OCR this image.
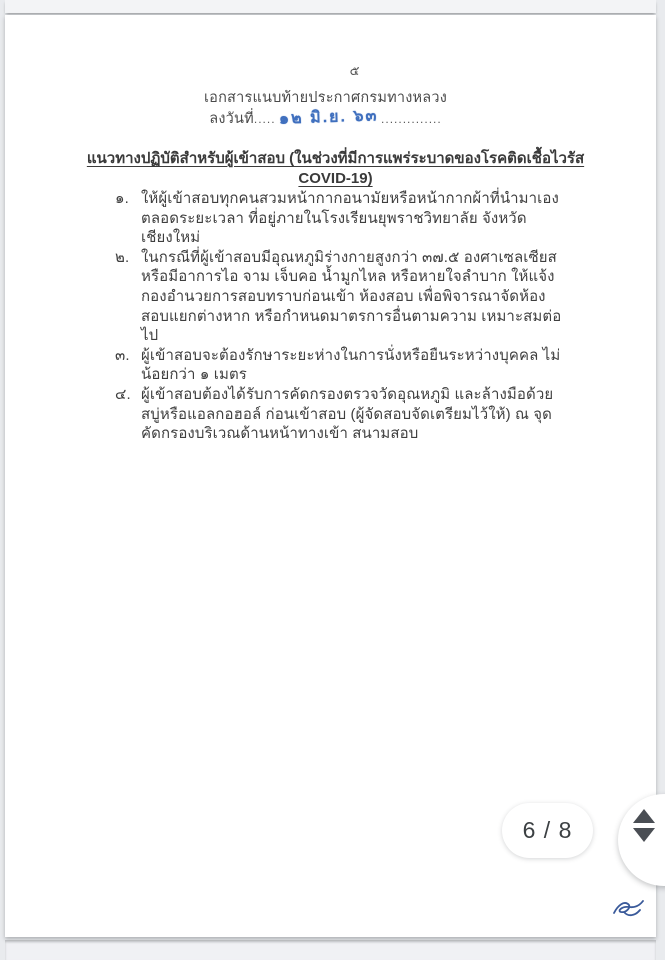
๕
เอกสารแนบท้ายประกาศกรมทางหลวง
ลงวันที่..... ๑๒ มิ.ย. ๖๓ ..............
แนวทางปฏิบัติสำหรับผู้เข้าสอบ (ในช่วงที่มีการแพร่ระบาดของโรคติดเชื้อไวรัส COVID-19)
๑. ให้ผู้เข้าสอบทุกคนสวมหน้ากากอนามัยหรือหน้ากากผ้าที่นำมาเองตลอดระยะเวลา ที่อยู่ภายในโรงเรียนยุพราชวิทยาลัย จังหวัดเชียงใหม่
๒. ในกรณีที่ผู้เข้าสอบมีอุณหภูมิร่างกายสูงกว่า ๓๗.๕ องศาเซลเซียส หรือมีอาการไอ จาม เจ็บคอ น้ำมูกไหล หรือหายใจลำบาก ให้แจ้งกองอำนวยการสอบทราบก่อนเข้า ห้องสอบ เพื่อพิจารณาจัดห้องสอบแยกต่างหาก หรือกำหนดมาตรการอื่นตามความ เหมาะสมต่อไป
๓. ผู้เข้าสอบจะต้องรักษาระยะห่างในการนั่งหรือยืนระหว่างบุคคล ไม่น้อยกว่า ๑ เมตร
๔. ผู้เข้าสอบต้องได้รับการคัดกรองตรวจวัดอุณหภูมิ และล้างมือด้วยสบู่หรือแอลกอฮอล์ ก่อนเข้าสอบ (ผู้จัดสอบจัดเตรียมไว้ให้) ณ จุดคัดกรองบริเวณด้านหน้าทางเข้า สนามสอบ
6 / 8
